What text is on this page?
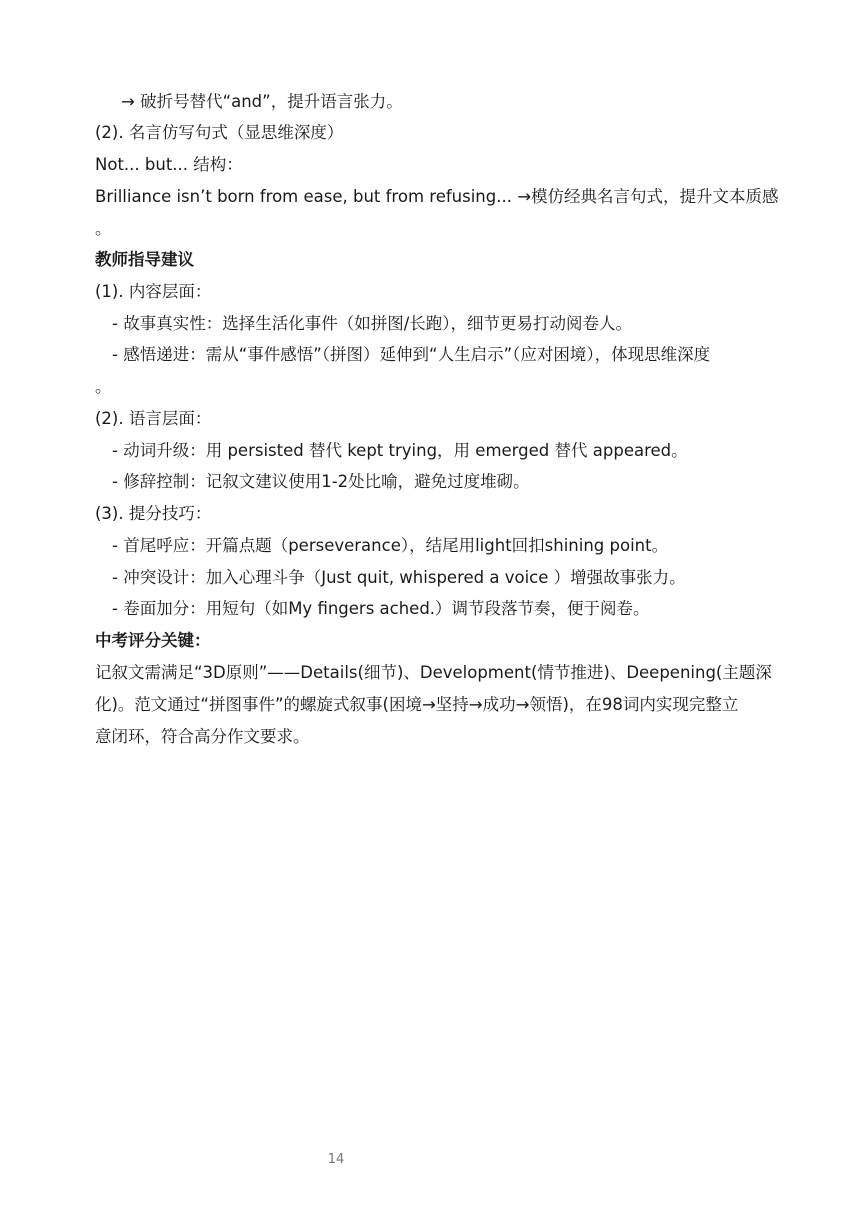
→ 破折号替代“and”，提升语言张力。
(2). 名言仿写句式（显思维深度）
Not... but... 结构：
Brilliance isn’t born from ease, but from refusing... →模仿经典名言句式，提升文本质感
。
教师指导建议
(1). 内容层面：
- 故事真实性：选择生活化事件（如拼图/长跑），细节更易打动阅卷人。
- 感悟递进：需从“事件感悟”（拼图）延伸到“人生启示”（应对困境），体现思维深度
。
(2). 语言层面：
- 动词升级：用 persisted 替代 kept trying，用 emerged 替代 appeared。
- 修辞控制：记叙文建议使用1-2处比喻，避免过度堆砌。
(3). 提分技巧：
- 首尾呼应：开篇点题（perseverance），结尾用light回扣shining point。
- 冲突设计：加入心理斗争（Just quit, whispered a voice ）增强故事张力。
- 卷面加分：用短句（如My fingers ached.）调节段落节奏，便于阅卷。
中考评分关键：
记叙文需满足“3D原则”——Details(细节)、Development(情节推进)、Deepening(主题深
化)。范文通过“拼图事件”的螺旋式叙事(困境→坚持→成功→领悟)，在98词内实现完整立
意闭环，符合高分作文要求。
14
